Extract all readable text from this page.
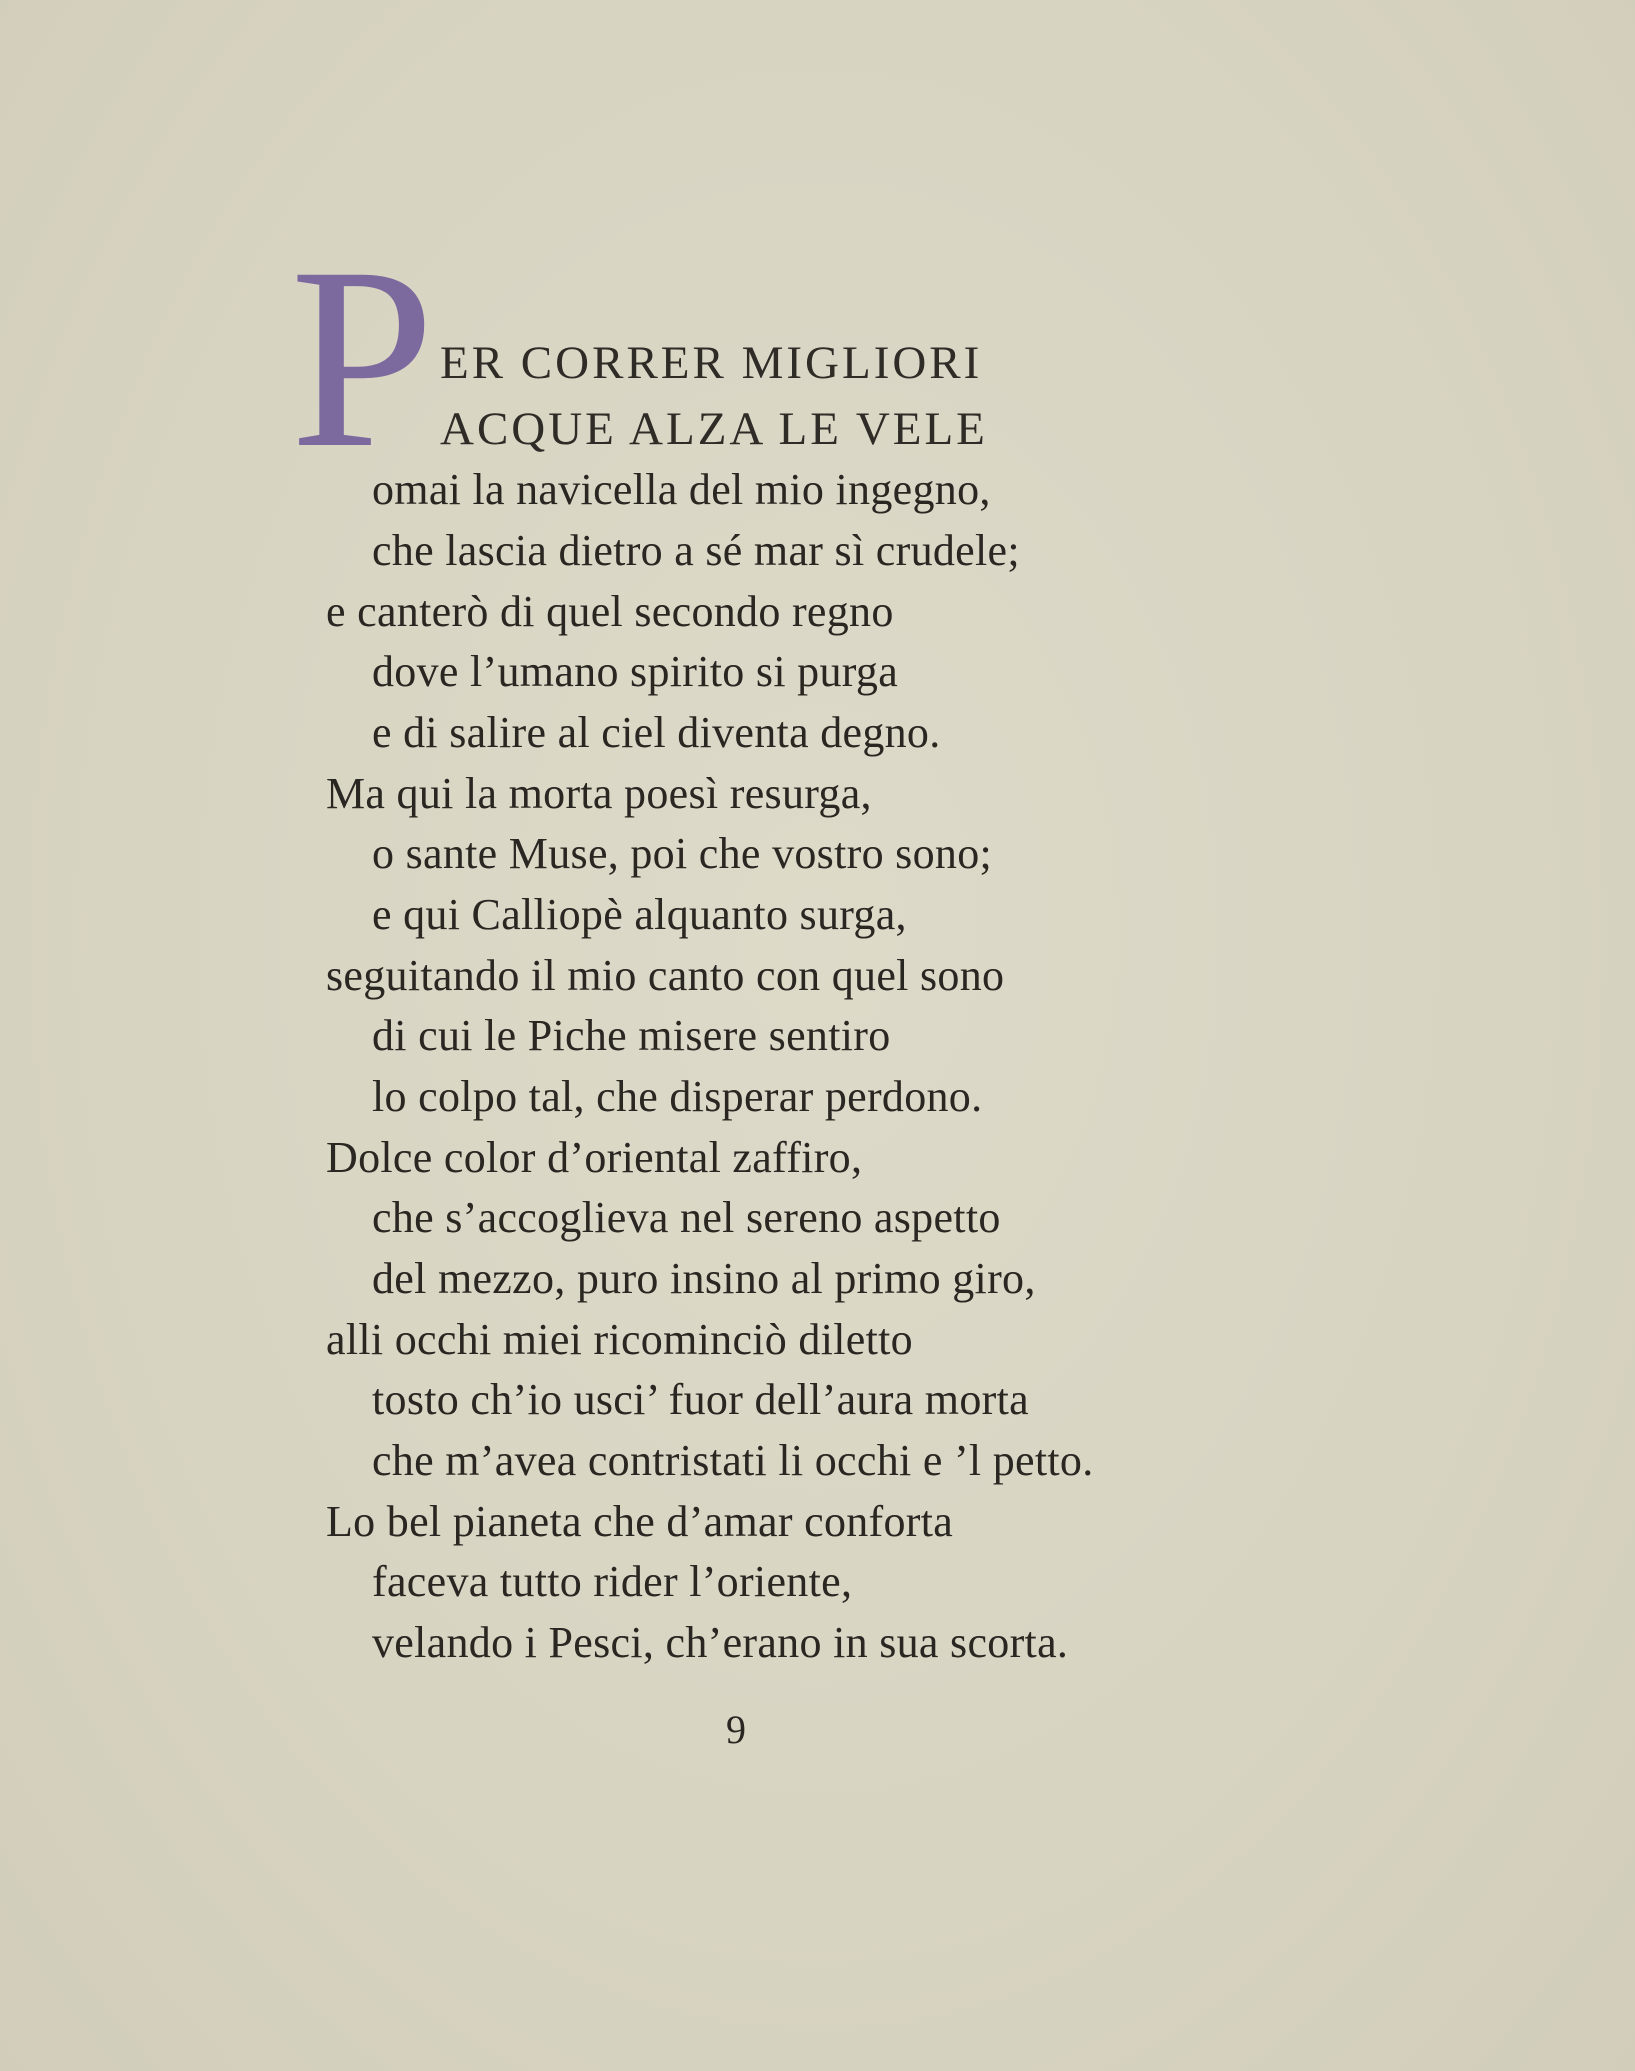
P ER CORRER MIGLIORI
ACQUE ALZA LE VELE
omai la navicella del mio ingegno,
che lascia dietro a sé mar sì crudele;
e canterò di quel secondo regno
dove l’umano spirito si purga
e di salire al ciel diventa degno.
Ma qui la morta poesì resurga,
o sante Muse, poi che vostro sono;
e qui Calliopè alquanto surga,
seguitando il mio canto con quel sono
di cui le Piche misere sentiro
lo colpo tal, che disperar perdono.
Dolce color d’oriental zaffiro,
che s’accoglieva nel sereno aspetto
del mezzo, puro insino al primo giro,
alli occhi miei ricominciò diletto
tosto ch’io usci’ fuor dell’aura morta
che m’avea contristati li occhi e ’l petto.
Lo bel pianeta che d’amar conforta
faceva tutto rider l’oriente,
velando i Pesci, ch’erano in sua scorta.
9
